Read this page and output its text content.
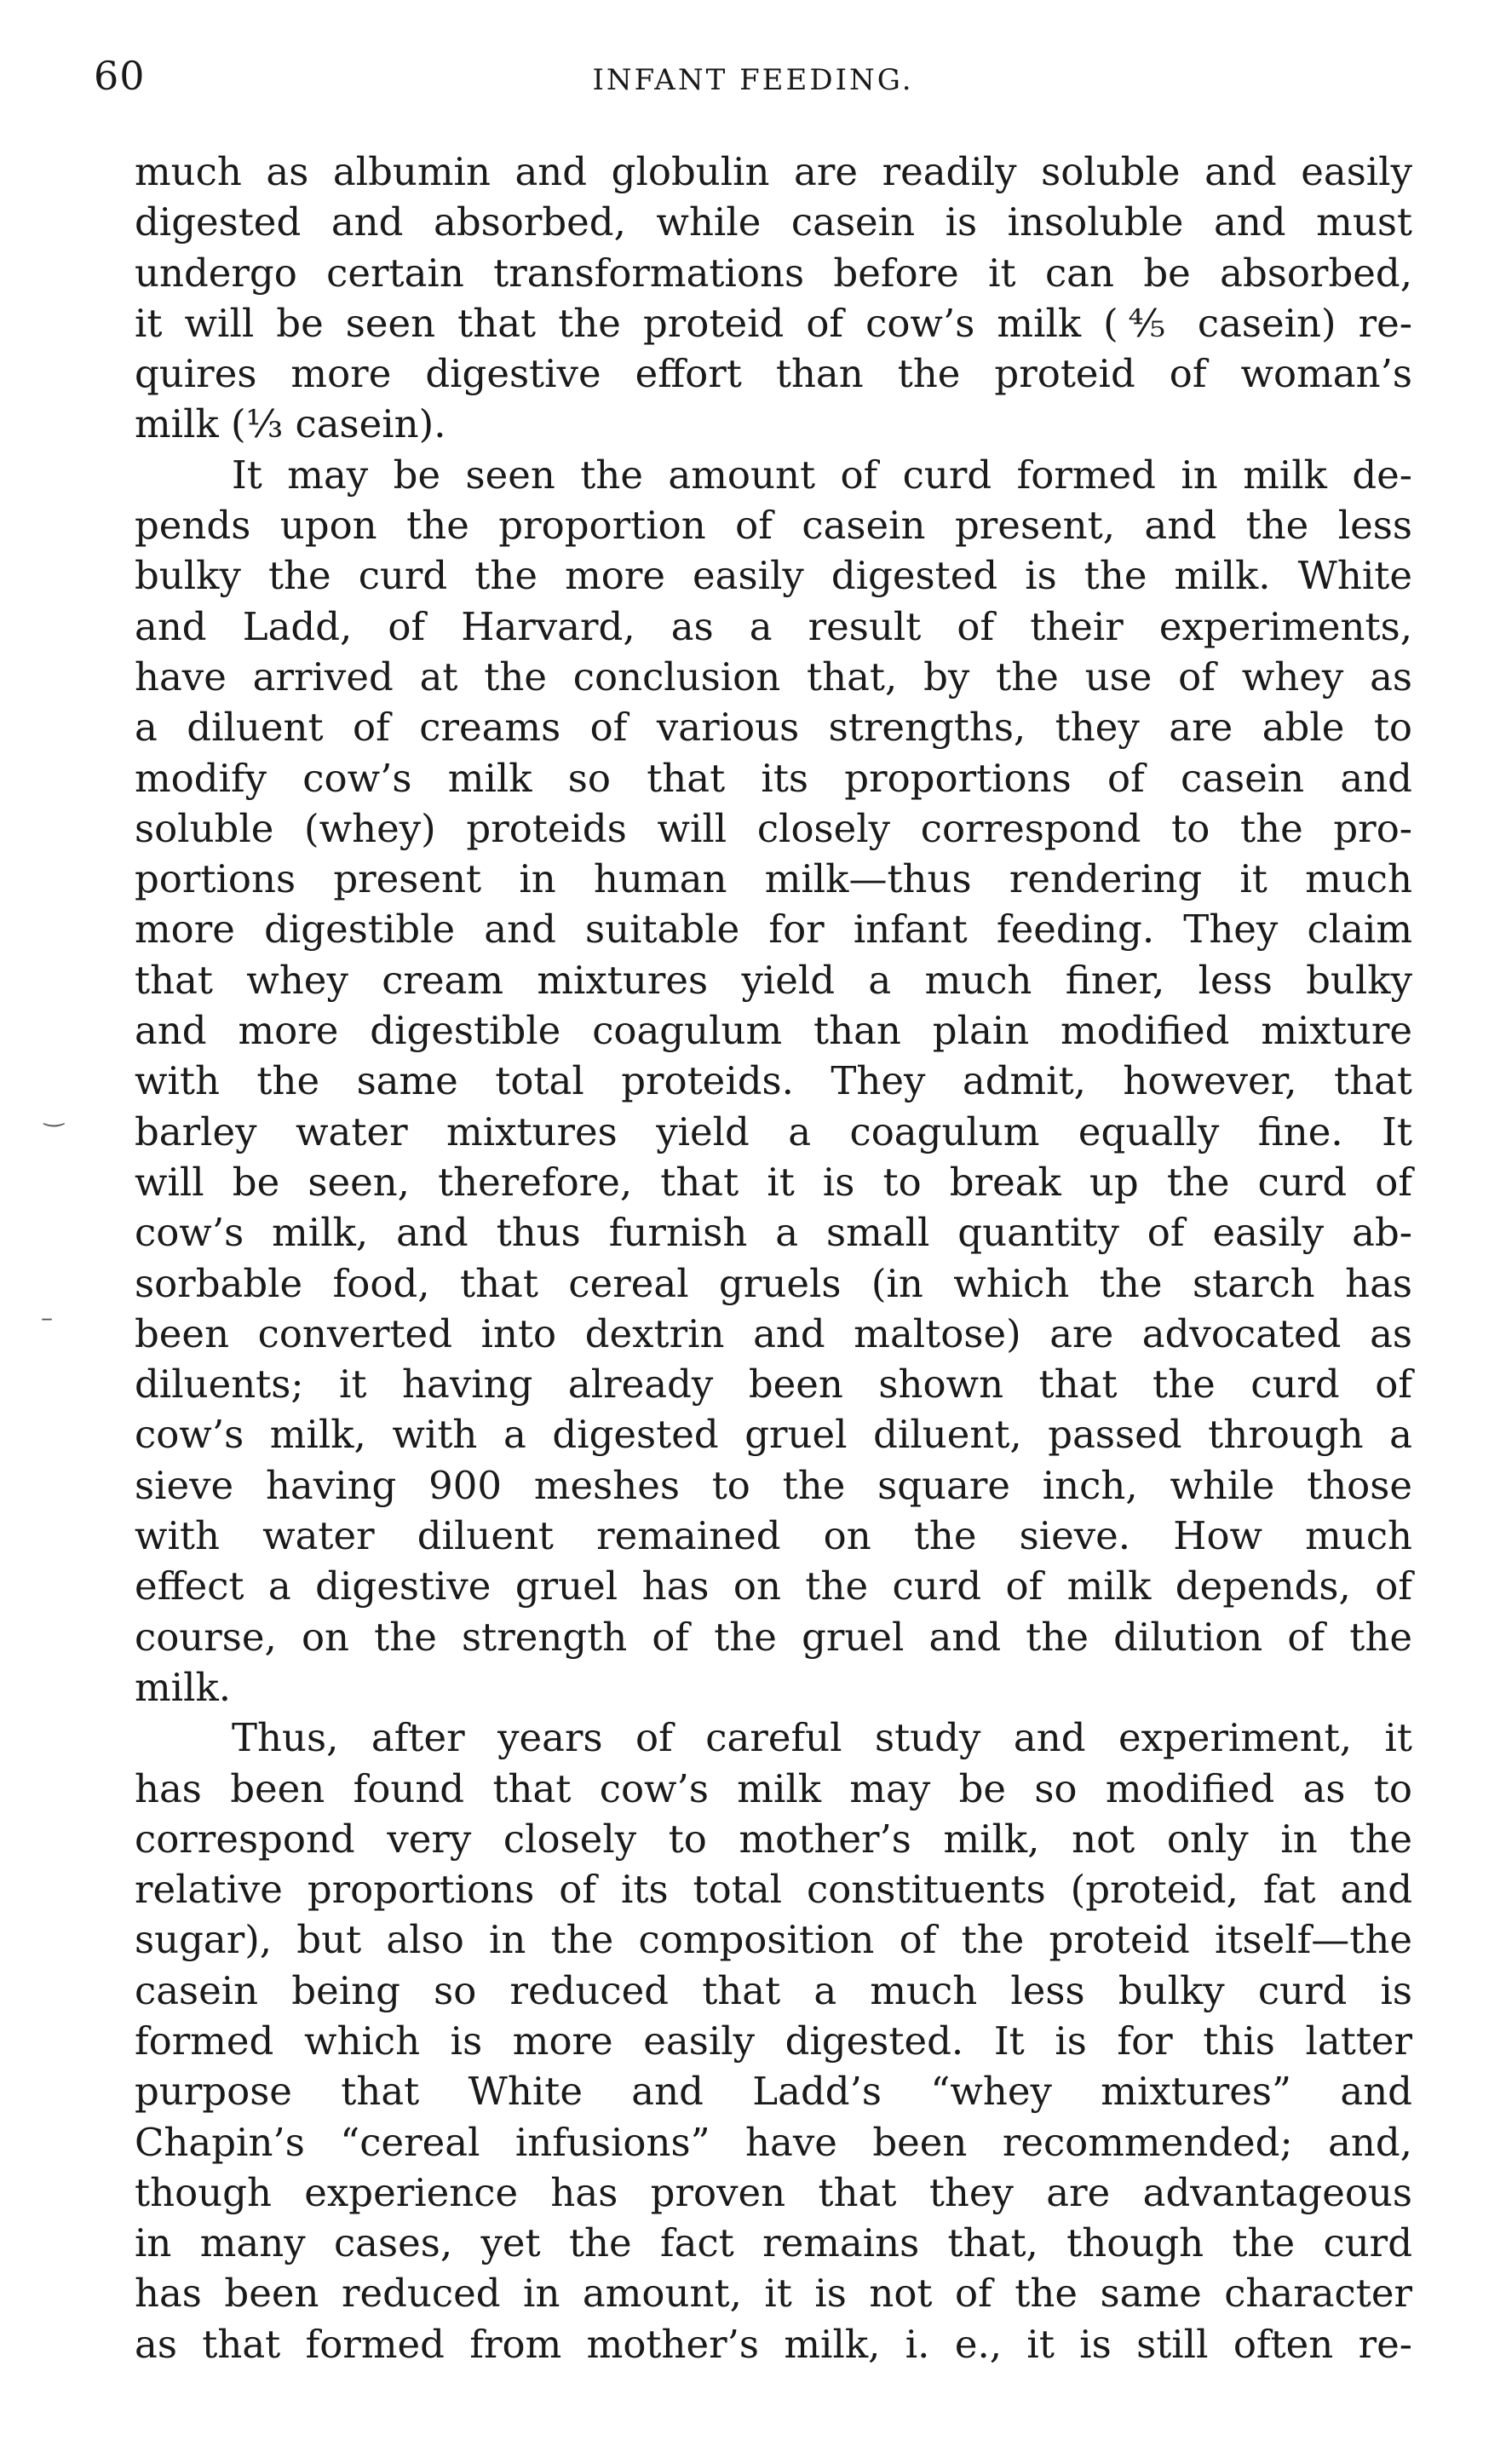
60	INFANT FEEDING.
much as albumin and globulin are readily soluble and easily
digested and absorbed, while casein is insoluble and must
undergo certain transformations before it can be absorbed,
it will be seen that the proteid of cow’s milk (⅘ casein) re-
quires more digestive effort than the proteid of woman’s
milk (⅓ casein).
It may be seen the amount of curd formed in milk de-
pends upon the proportion of casein present, and the less
bulky the curd the more easily digested is the milk. White
and Ladd, of Harvard, as a result of their experiments,
have arrived at the conclusion that, by the use of whey as
a diluent of creams of various strengths, they are able to
modify cow’s milk so that its proportions of casein and
soluble (whey) proteids will closely correspond to the pro-
portions present in human milk—thus rendering it much
more digestible and suitable for infant feeding. They claim
that whey cream mixtures yield a much finer, less bulky
and more digestible coagulum than plain modified mixture
with the same total proteids. They admit, however, that
barley water mixtures yield a coagulum equally fine. It
will be seen, therefore, that it is to break up the curd of
cow’s milk, and thus furnish a small quantity of easily ab-
sorbable food, that cereal gruels (in which the starch has
been converted into dextrin and maltose) are advocated as
diluents; it having already been shown that the curd of
cow’s milk, with a digested gruel diluent, passed through a
sieve having 900 meshes to the square inch, while those
with water diluent remained on the sieve. How much
effect a digestive gruel has on the curd of milk depends, of
course, on the strength of the gruel and the dilution of the
milk.
Thus, after years of careful study and experiment, it
has been found that cow’s milk may be so modified as to
correspond very closely to mother’s milk, not only in the
relative proportions of its total constituents (proteid, fat and
sugar), but also in the composition of the proteid itself—the
casein being so reduced that a much less bulky curd is
formed which is more easily digested. It is for this latter
purpose that White and Ladd’s “whey mixtures” and
Chapin’s “cereal infusions” have been recommended; and,
though experience has proven that they are advantageous
in many cases, yet the fact remains that, though the curd
has been reduced in amount, it is not of the same character
as that formed from mother’s milk, i. e., it is still often re-
‿
–
